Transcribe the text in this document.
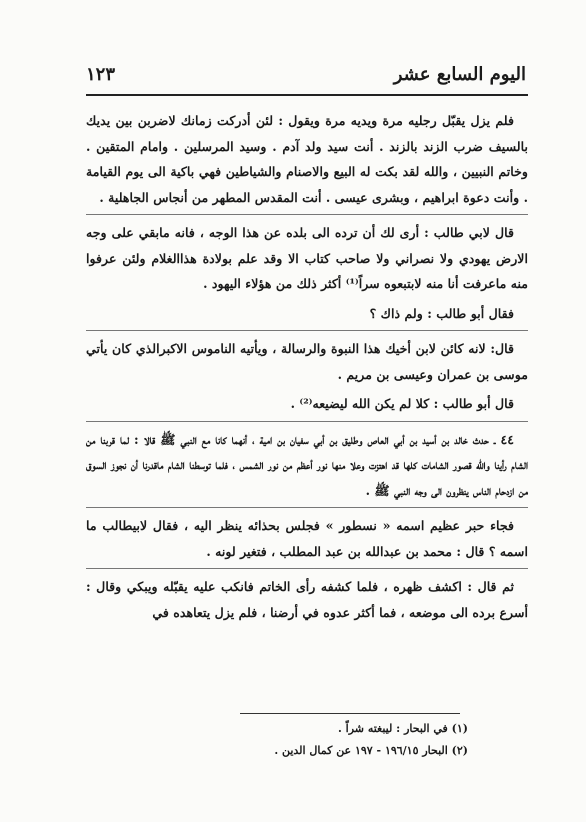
اليوم السابع عشر
١٢٣

فلم يزل يقبّل رجليه مرة ويديه مرة ويقول : لئن أدركت زمانك لاضربن بين يديك بالسيف ضرب الزند بالزند . أنت سيد ولد آدم . وسيد المرسلين . وامام المتقين . وخاتم النبيين ، والله لقد بكت له البيع والاصنام والشياطين فهي باكية الى يوم القيامة . وأنت دعوة ابراهيم ، وبشرى عيسى . أنت المقدس المطهر من أنجاس الجاهلية .

قال لابي طالب : أرى لك أن ترده الى بلده عن هذا الوجه ، فانه مابقي على وجه الارض يهودي ولا نصراني ولا صاحب كتاب الا وقد علم بولادة هذاالغلام ولئن عرفوا منه ماعرفت أنا منه لابتبعوه سراً⁽¹⁾ أكثر ذلك من هؤلاء اليهود .

فقال أبو طالب : ولم ذاك ؟

قال: لانه كائن لابن أخيك هذا النبوة والرسالة ، ويأتيه الناموس الاكبرالذي كان يأتي موسى بن عمران وعيسى بن مريم .

قال أبو طالب : كلا لم يكن الله ليضيعه⁽²⁾ .

٤٤ ـ حدث خالد بن أسيد بن أبي العاص وطليق بن أبي سفيان بن امية ، أنهما كانا مع النبي ﷺ قالا : لما قربنا من الشام رأينا والله قصور الشامات كلها قد اهتزت وعلا منها نور أعظم من نور الشمس ، فلما توسطنا الشام ماقدرنا أن نجوز السوق من ازدحام الناس ينظرون الى وجه النبي ﷺ .

فجاء حبر عظيم اسمه « نسطور » فجلس بحذائه ينظر اليه ، فقال لابيطالب ما اسمه ؟ قال : محمد بن عبدالله بن عبد المطلب ، فتغير لونه .

ثم قال : اكشف ظهره ، فلما كشفه رأى الخاتم فانكب عليه يقبّله ويبكي وقال : أسرع برده الى موضعه ، فما أكثر عدوه في أرضنا ، فلم يزل يتعاهده في

(١) في البحار : ليبغته شراً .
(٢) البحار ١٩٦/١٥ - ١٩٧ عن كمال الدين .
